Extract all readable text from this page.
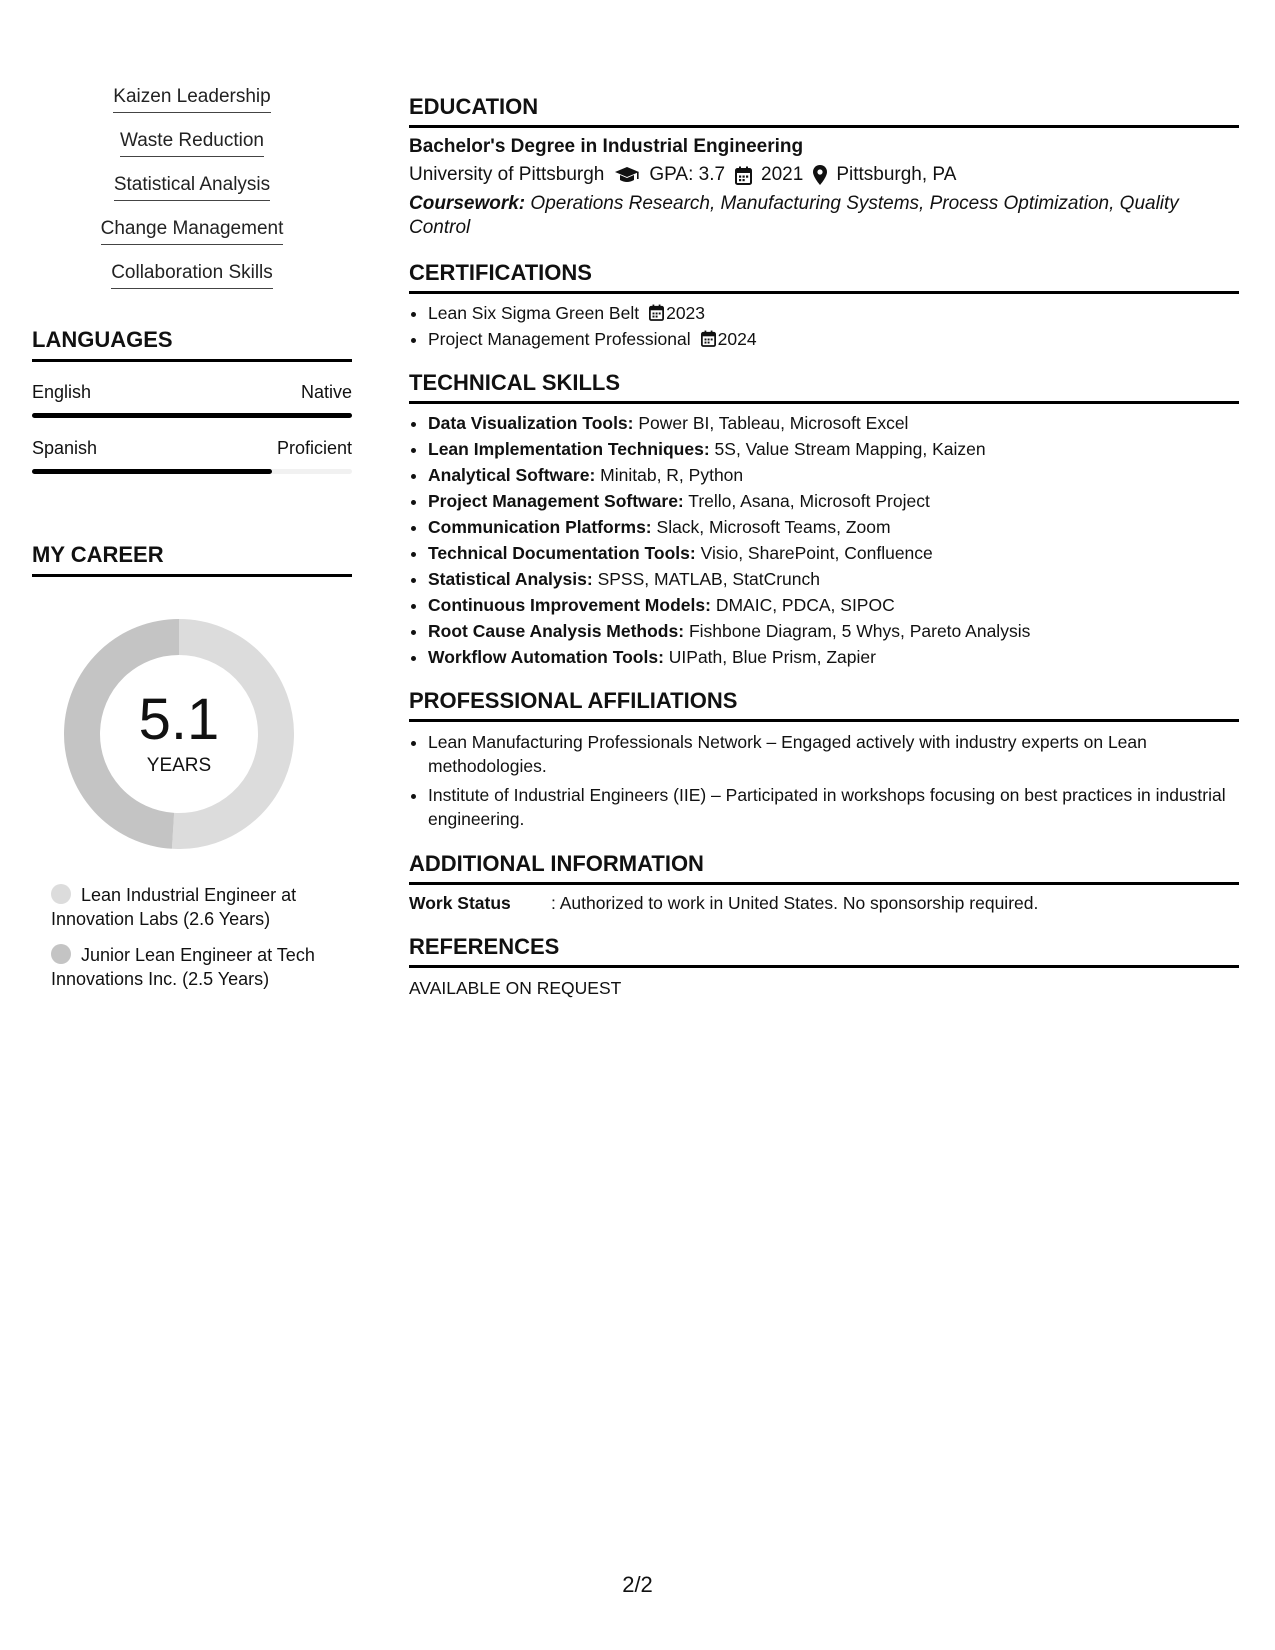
Kaizen Leadership
Waste Reduction
Statistical Analysis
Change Management
Collaboration Skills
LANGUAGES
English	Native
Spanish	Proficient
MY CAREER
5.1
YEARS
Lean Industrial Engineer at Innovation Labs (2.6 Years)
Junior Lean Engineer at Tech Innovations Inc. (2.5 Years)
EDUCATION
Bachelor's Degree in Industrial Engineering
University of Pittsburgh GPA: 3.7 2021 Pittsburgh, PA
Coursework: Operations Research, Manufacturing Systems, Process Optimization, Quality Control
CERTIFICATIONS
• Lean Six Sigma Green Belt 2023
• Project Management Professional 2024
TECHNICAL SKILLS
• Data Visualization Tools: Power BI, Tableau, Microsoft Excel
• Lean Implementation Techniques: 5S, Value Stream Mapping, Kaizen
• Analytical Software: Minitab, R, Python
• Project Management Software: Trello, Asana, Microsoft Project
• Communication Platforms: Slack, Microsoft Teams, Zoom
• Technical Documentation Tools: Visio, SharePoint, Confluence
• Statistical Analysis: SPSS, MATLAB, StatCrunch
• Continuous Improvement Models: DMAIC, PDCA, SIPOC
• Root Cause Analysis Methods: Fishbone Diagram, 5 Whys, Pareto Analysis
• Workflow Automation Tools: UIPath, Blue Prism, Zapier
PROFESSIONAL AFFILIATIONS
• Lean Manufacturing Professionals Network – Engaged actively with industry experts on Lean methodologies.
• Institute of Industrial Engineers (IIE) – Participated in workshops focusing on best practices in industrial engineering.
ADDITIONAL INFORMATION
Work Status	: Authorized to work in United States. No sponsorship required.
REFERENCES
AVAILABLE ON REQUEST
2/2
